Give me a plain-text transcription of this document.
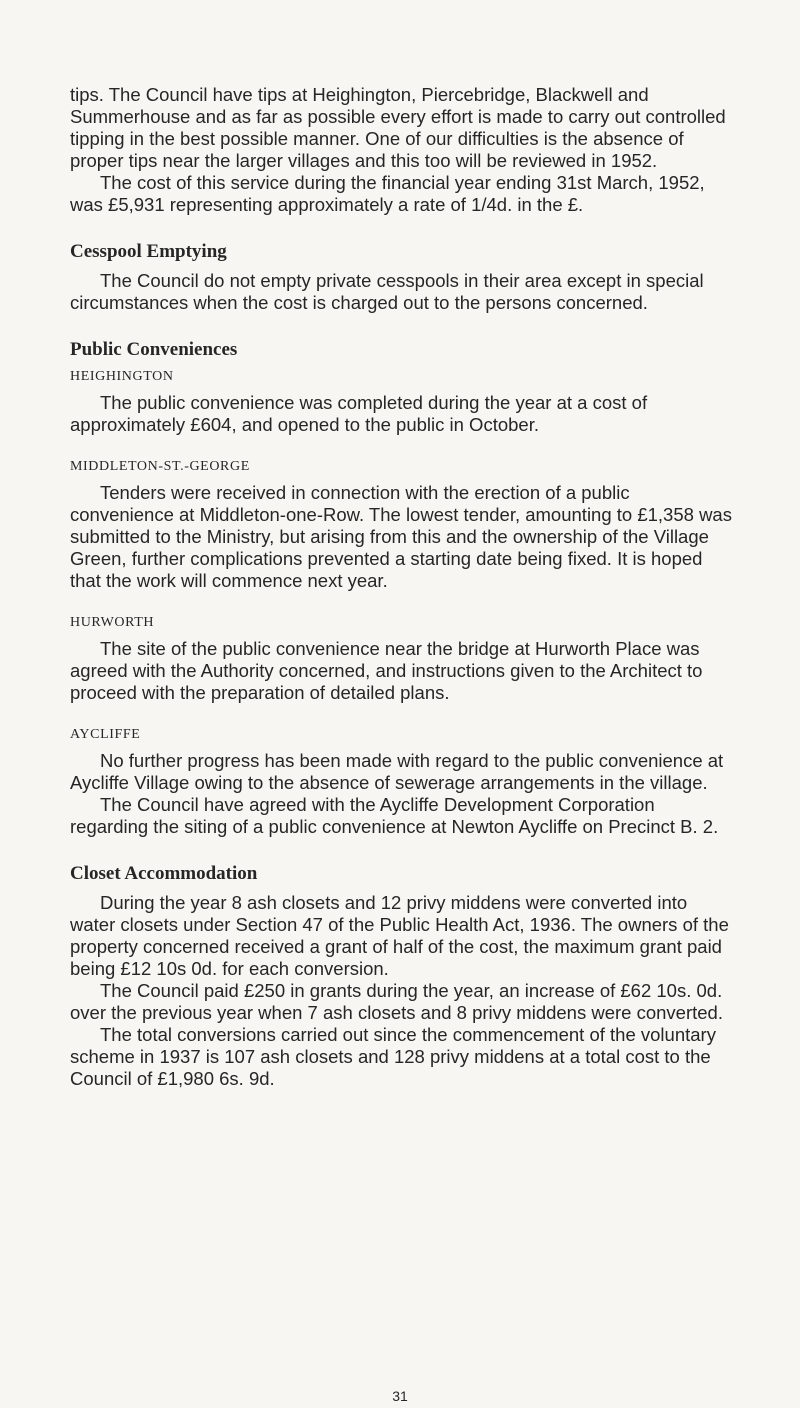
tips. The Council have tips at Heighington, Piercebridge, Blackwell and Summerhouse and as far as possible every effort is made to carry out controlled tipping in the best possible manner. One of our difficulties is the absence of proper tips near the larger villages and this too will be reviewed in 1952.

The cost of this service during the financial year ending 31st March, 1952, was £5,931 representing approximately a rate of 1/4d. in the £.

Cesspool Emptying

The Council do not empty private cesspools in their area except in special circumstances when the cost is charged out to the persons concerned.

Public Conveniences
HEIGHINGTON

The public convenience was completed during the year at a cost of approximately £604, and opened to the public in October.

MIDDLETON-ST.-GEORGE

Tenders were received in connection with the erection of a public convenience at Middleton-one-Row. The lowest tender, amounting to £1,358 was submitted to the Ministry, but arising from this and the ownership of the Village Green, further complications prevented a starting date being fixed. It is hoped that the work will commence next year.

HURWORTH

The site of the public convenience near the bridge at Hurworth Place was agreed with the Authority concerned, and instructions given to the Architect to proceed with the preparation of detailed plans.

AYCLIFFE

No further progress has been made with regard to the public convenience at Aycliffe Village owing to the absence of sewerage arrangements in the village.

The Council have agreed with the Aycliffe Development Corporation regarding the siting of a public convenience at Newton Aycliffe on Precinct B. 2.

Closet Accommodation

During the year 8 ash closets and 12 privy middens were converted into water closets under Section 47 of the Public Health Act, 1936. The owners of the property concerned received a grant of half of the cost, the maximum grant paid being £12 10s 0d. for each conversion.

The Council paid £250 in grants during the year, an increase of £62 10s. 0d. over the previous year when 7 ash closets and 8 privy middens were converted.

The total conversions carried out since the commencement of the voluntary scheme in 1937 is 107 ash closets and 128 privy middens at a total cost to the Council of £1,980 6s. 9d.

31
